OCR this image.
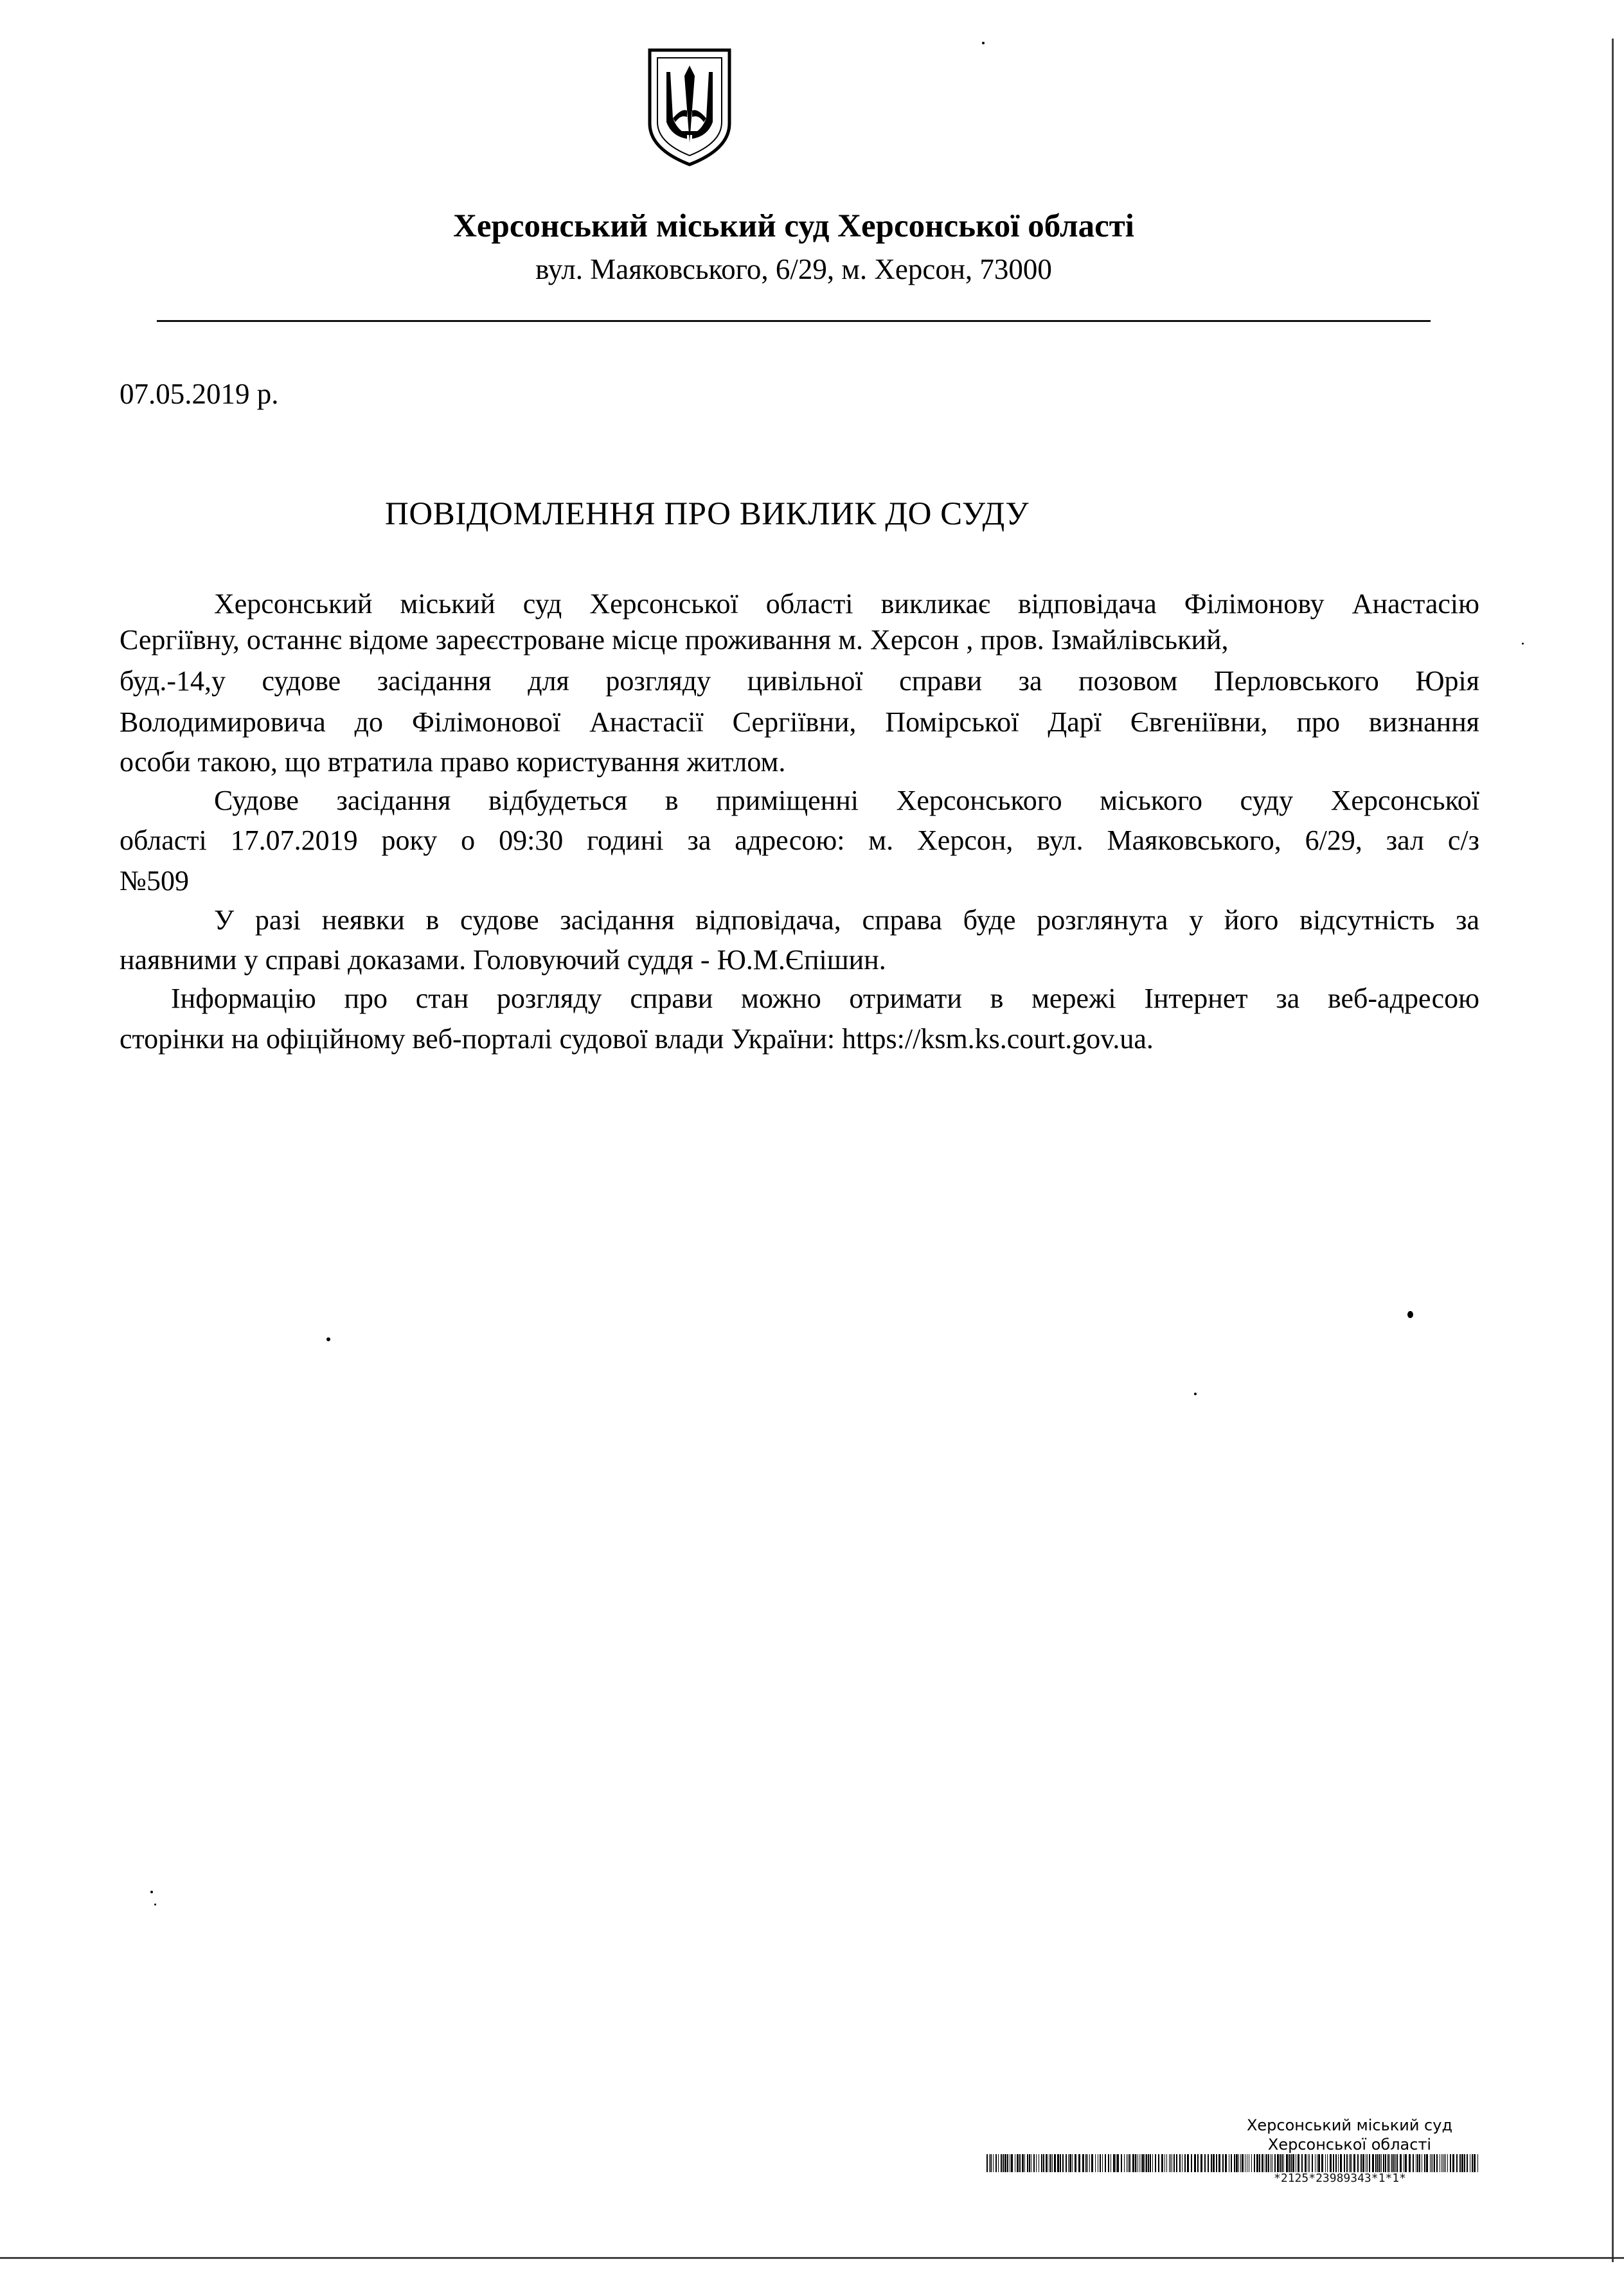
Херсонський міський суд Херсонської області
вул. Маяковського, 6/29, м. Херсон, 73000
07.05.2019 р.
ПОВІДОМЛЕННЯ ПРО ВИКЛИК ДО СУДУ
Херсонський міський суд Херсонської області викликає відповідача Філімонову Анастасію
Сергіївну, останнє відоме зареєстроване місце проживання м. Херсон , пров. Ізмайлівський,
буд.-14,у судове засідання для розгляду цивільної справи за позовом Перловського Юрія
Володимировича до Філімонової Анастасії Сергіївни, Помірської Дарї Євгеніївни, про визнання
особи такою, що втратила право користування житлом.
Судове засідання відбудеться в приміщенні Херсонського міського суду Херсонської
області 17.07.2019 року о 09:30 годині за адресою: м. Херсон, вул. Маяковського, 6/29, зал с/з
№509
У разі неявки в судове засідання відповідача, справа буде розглянута у його відсутність за
наявними у справі доказами. Головуючий суддя - Ю.М.Єпішин.
Інформацію про стан розгляду справи можно отримати в мережі Інтернет за веб-адресою
сторінки на офіційному веб-порталі судової влади України: https://ksm.ks.court.gov.ua.
Херсонський міський суд
Херсонської області
*2125*23989343*1*1*
